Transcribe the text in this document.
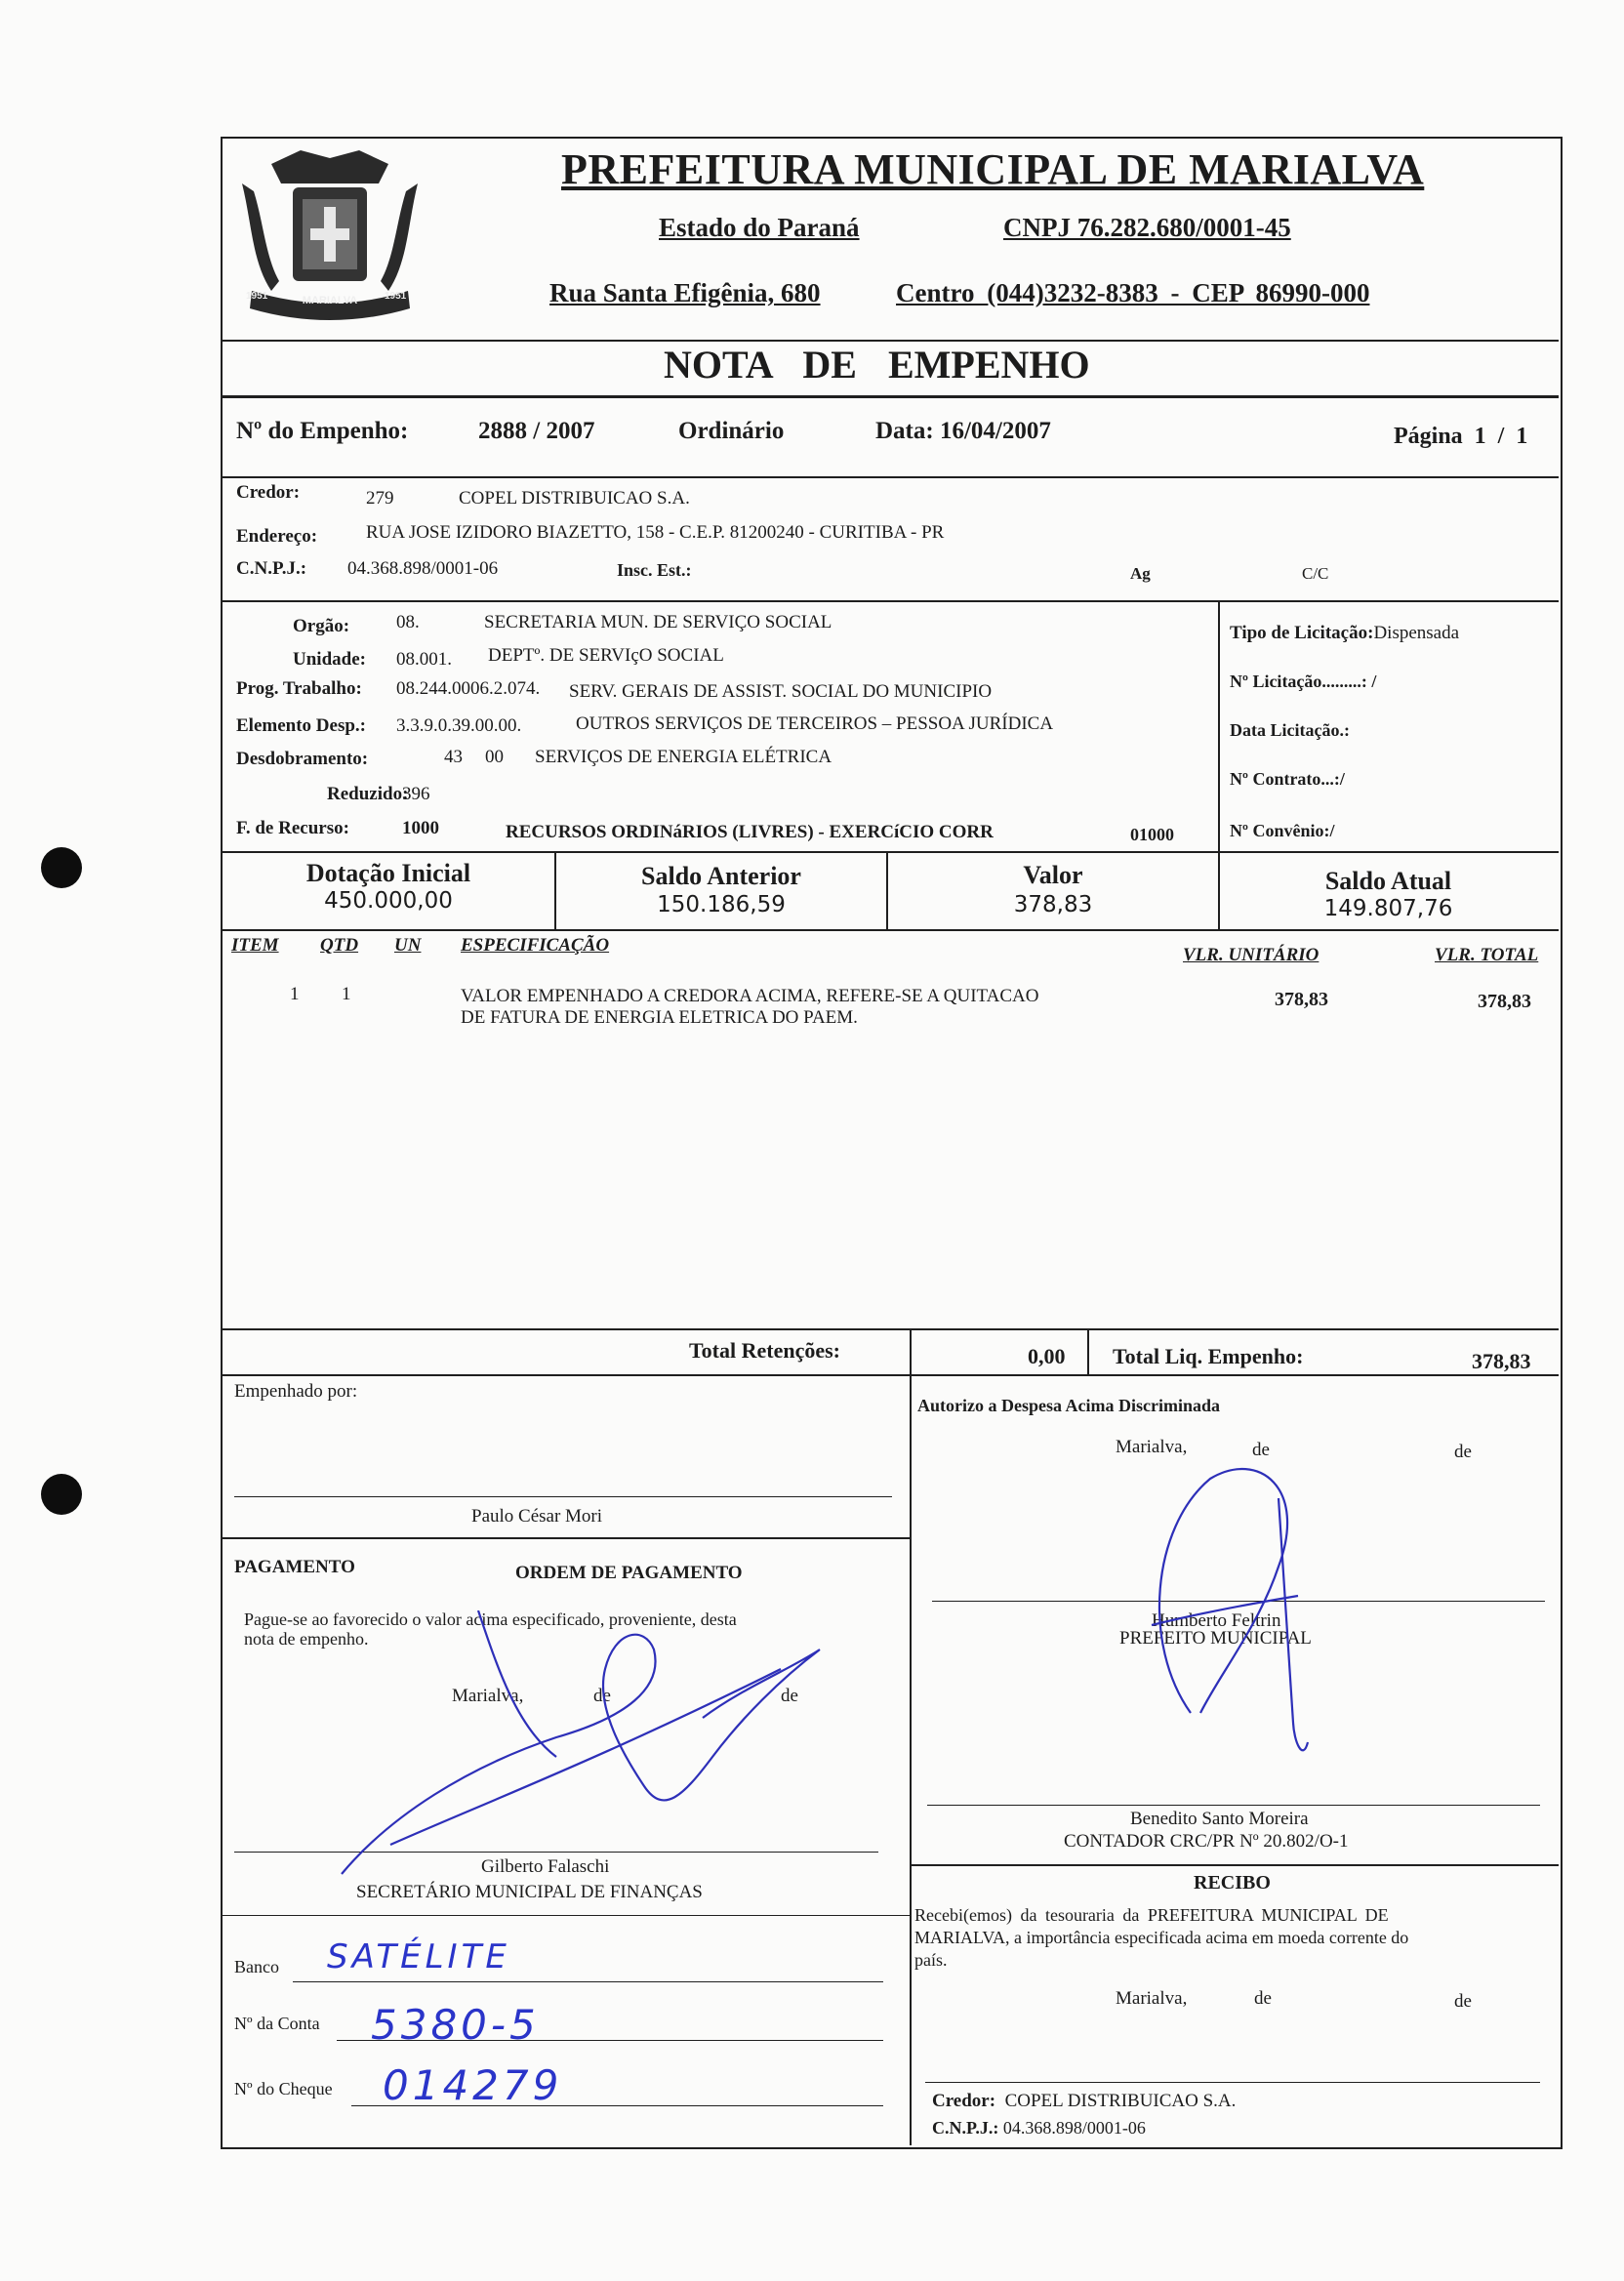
MARIALVA
1951	1951
PREFEITURA MUNICIPAL DE MARIALVA
Estado do Paraná	CNPJ 76.282.680/0001-45
Rua Santa Efigênia, 680	Centro (044)3232-8383 - CEP 86990-000
NOTA DE EMPENHO
Nº do Empenho:	2888 / 2007	Ordinário	Data: 16/04/2007	Página 1 / 1
Credor:	279	COPEL DISTRIBUICAO S.A.
Endereço:	RUA JOSE IZIDORO BIAZETTO, 158 - C.E.P. 81200240 - CURITIBA - PR
C.N.P.J.: 04.368.898/0001-06	Insc. Est.:	Ag	C/C
Orgão:	08.	SECRETARIA MUN. DE SERVIÇO SOCIAL
Unidade: 08.001. DEPTº. DE SERVIçO SOCIAL
Prog. Trabalho: 08.244.0006.2.074. SERV. GERAIS DE ASSIST. SOCIAL DO MUNICIPIO
Elemento Desp.: 3.3.9.0.39.00.00.	OUTROS SERVIÇOS DE TERCEIROS – PESSOA JURÍDICA
Desdobramento:	43 00 SERVIÇOS DE ENERGIA ELÉTRICA
Reduzido:
396
F. de Recurso:	1000	RECURSOS ORDINáRIOS (LIVRES) - EXERCíCIO CORR	01000
Tipo de Licitação:Dispensada
Nº Licitação.........: /
Data Licitação.:
Nº Contrato...:/
Nº Convênio:/
Dotação Inicial
450.000,00
Saldo Anterior
150.186,59
Valor
378,83
Saldo Atual
149.807,76
ITEM QTD UN ESPECIFICAÇÃO	VLR. UNITÁRIO	VLR. TOTAL
1 1	VALOR EMPENHADO A CREDORA ACIMA, REFERE-SE A QUITACAO
DE FATURA DE ENERGIA ELETRICA DO PAEM.
378,83	378,83
Total Retenções:	0,00 Total Liq. Empenho:	378,83
Empenhado por:
Paulo César Mori
PAGAMENTO	ORDEM DE PAGAMENTO
Pague-se ao favorecido o valor acima especificado, proveniente, desta
nota de empenho.
Marialva,	de	de
Gilberto Falaschi
SECRETÁRIO MUNICIPAL DE FINANÇAS
Banco SATÉLITE
Nº da Conta 5380-5
Nº do Cheque 014279
Autorizo a Despesa Acima Discriminada
Marialva,	de	de
Humberto Feltrin
PREFEITO MUNICIPAL
Benedito Santo Moreira
CONTADOR CRC/PR Nº 20.802/O-1
RECIBO
Recebi(emos) da tesouraria da PREFEITURA MUNICIPAL DE
MARIALVA, a importância especificada acima em moeda corrente do
país.
Marialva,	de	de
Credor: COPEL DISTRIBUICAO S.A.
C.N.P.J.: 04.368.898/0001-06
